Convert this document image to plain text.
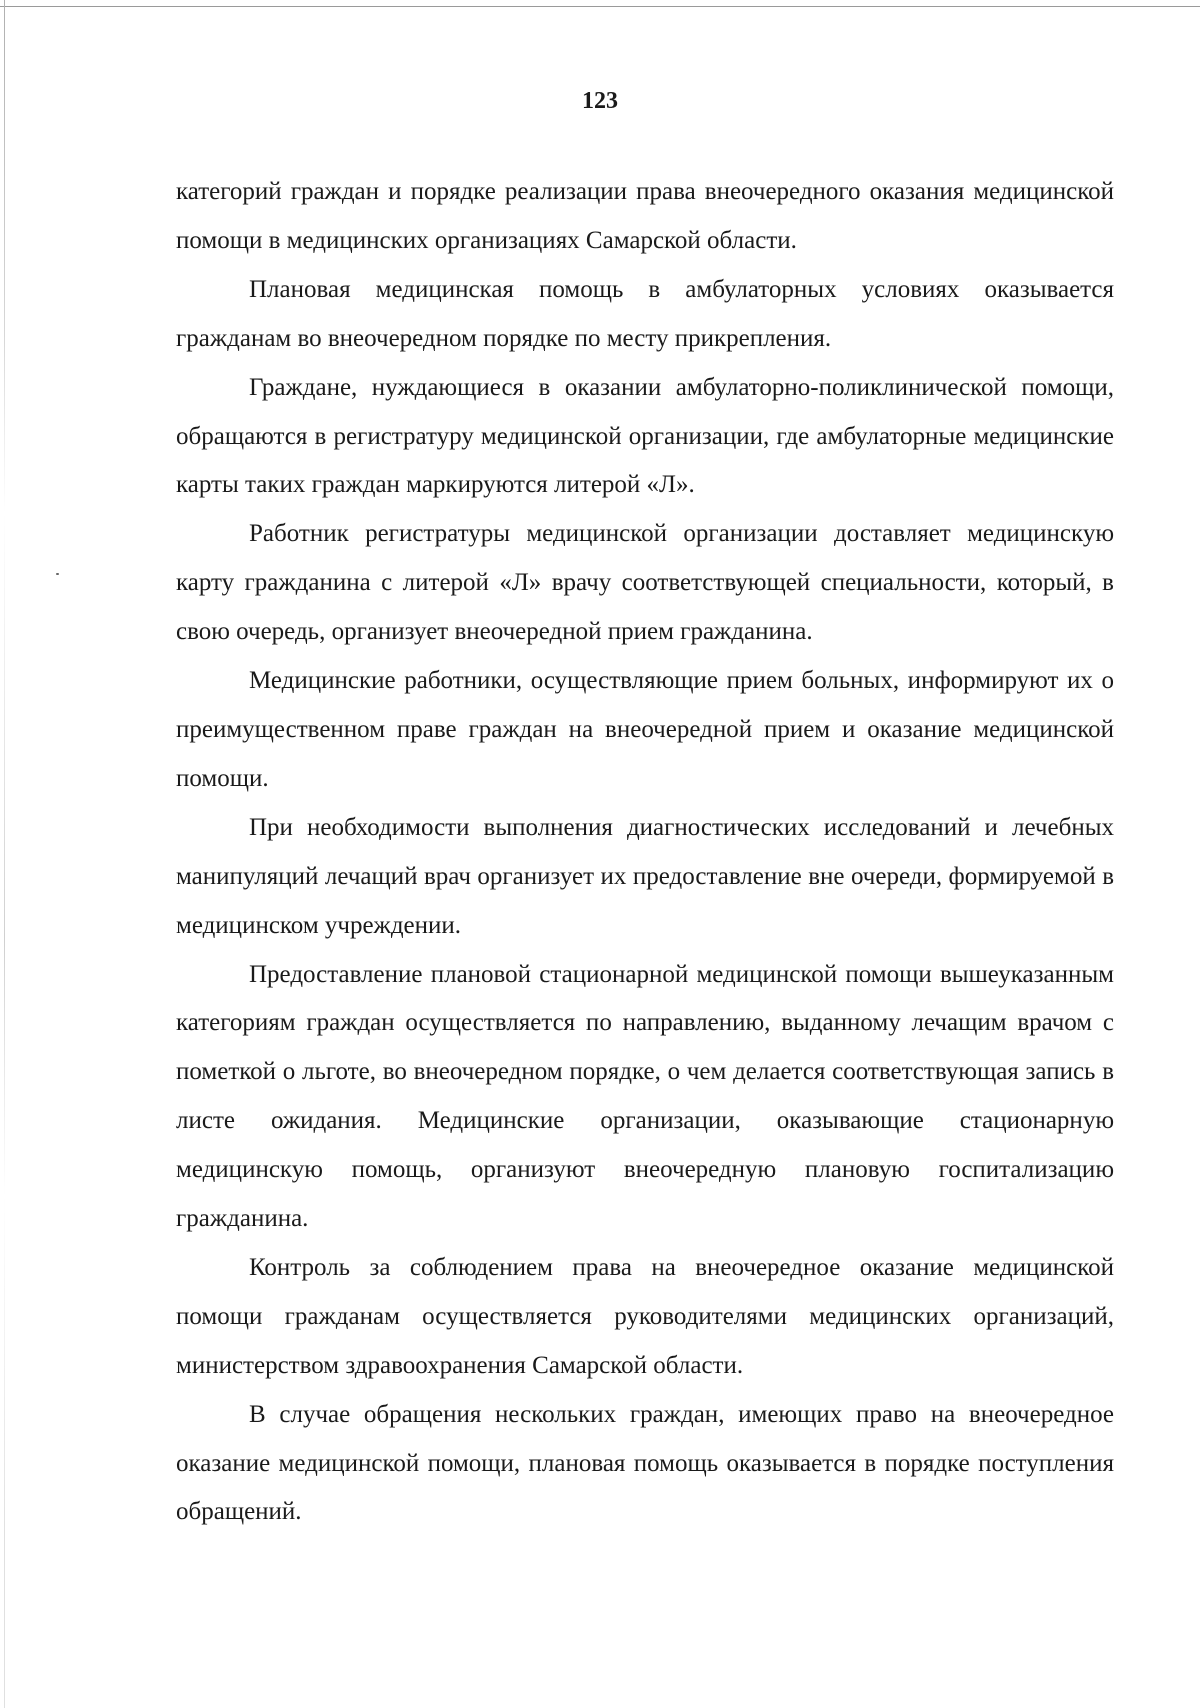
123

категорий граждан и порядке реализации права внеочередного оказания медицинской помощи в медицинских организациях Самарской области.

Плановая медицинская помощь в амбулаторных условиях оказывается гражданам во внеочередном порядке по месту прикрепления.

Граждане, нуждающиеся в оказании амбулаторно-поликлинической помощи, обращаются в регистратуру медицинской организации, где амбулаторные медицинские карты таких граждан маркируются литерой «Л».

Работник регистратуры медицинской организации доставляет медицинскую карту гражданина с литерой «Л» врачу соответствующей специальности, который, в свою очередь, организует внеочередной прием гражданина.

Медицинские работники, осуществляющие прием больных, информируют их о преимущественном праве граждан на внеочередной прием и оказание медицинской помощи.

При необходимости выполнения диагностических исследований и лечебных манипуляций лечащий врач организует их предоставление вне очереди, формируемой в медицинском учреждении.

Предоставление плановой стационарной медицинской помощи вышеуказанным категориям граждан осуществляется по направлению, выданному лечащим врачом с пометкой о льготе, во внеочередном порядке, о чем делается соответствующая запись в листе ожидания. Медицинские организации, оказывающие стационарную медицинскую помощь, организуют внеочередную плановую госпитализацию гражданина.

Контроль за соблюдением права на внеочередное оказание медицинской помощи гражданам осуществляется руководителями медицинских организаций, министерством здравоохранения Самарской области.

В случае обращения нескольких граждан, имеющих право на внеочередное оказание медицинской помощи, плановая помощь оказывается в порядке поступления обращений.
